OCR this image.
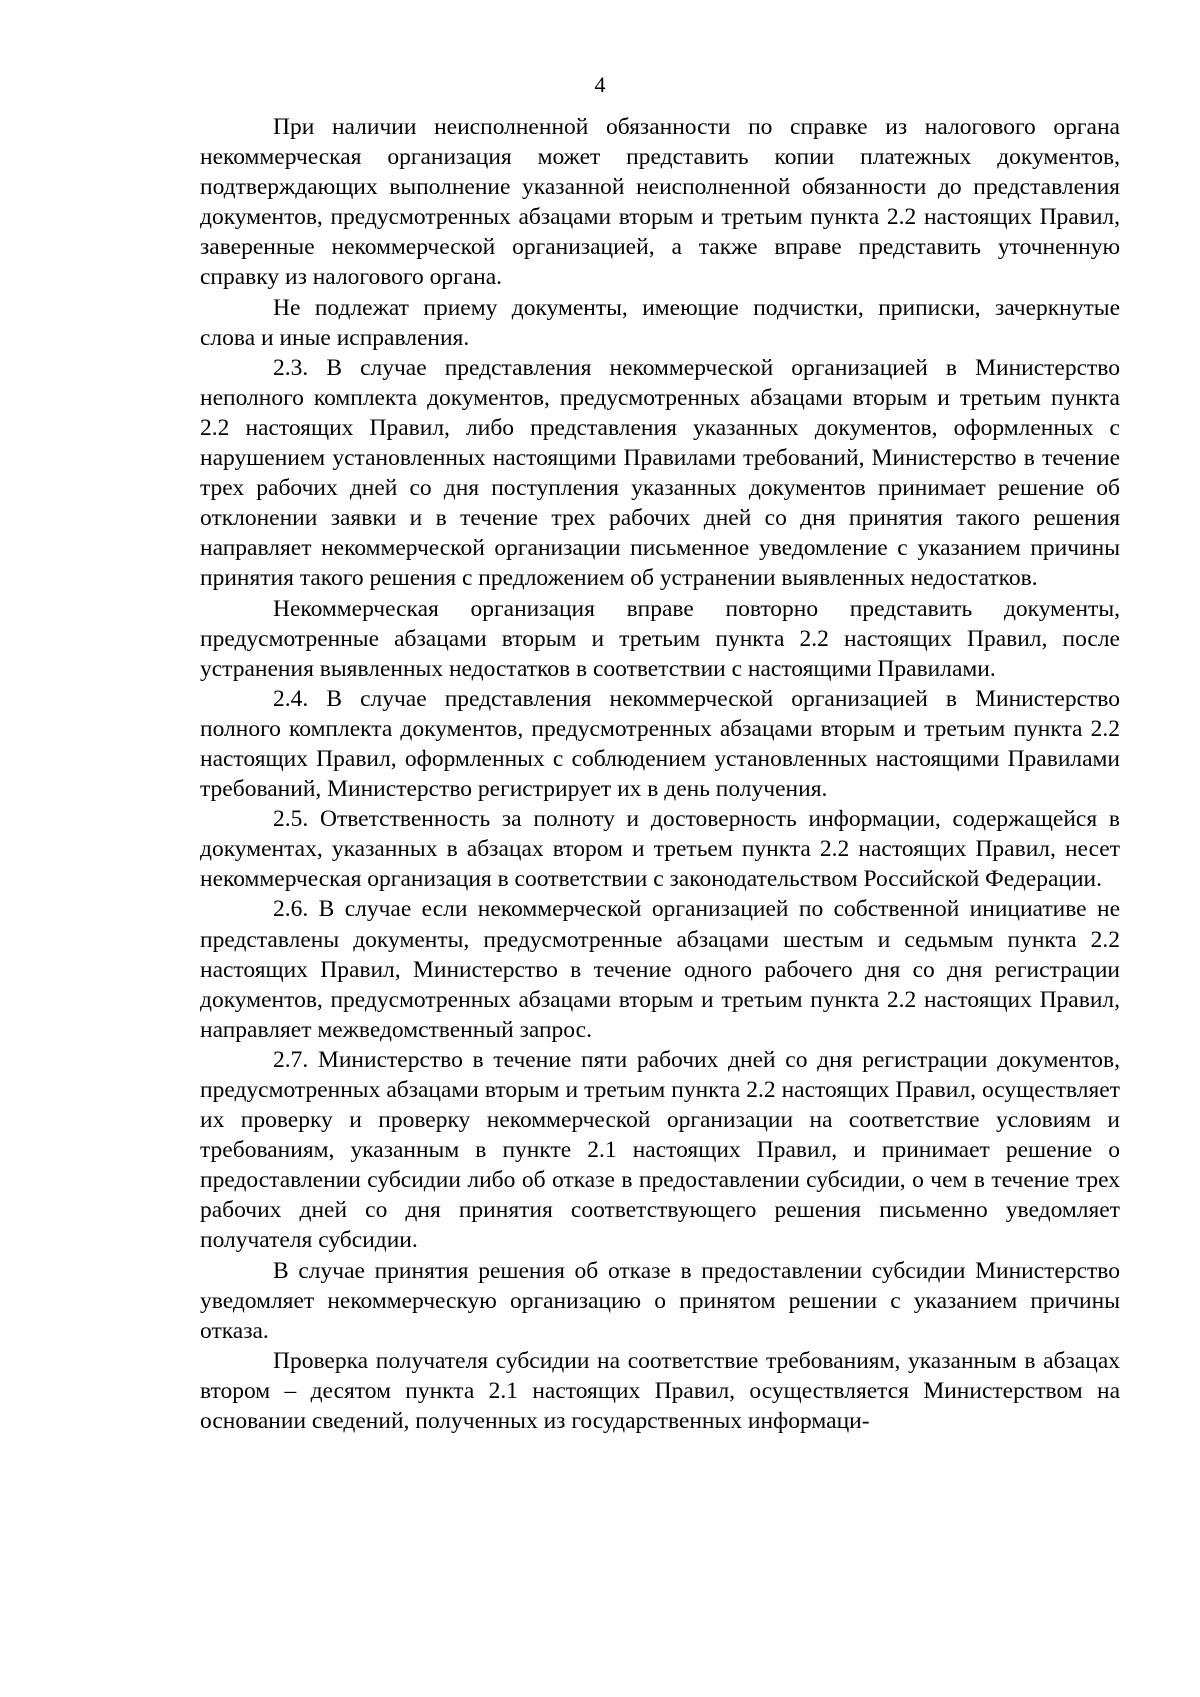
4

При наличии неисполненной обязанности по справке из налогового органа некоммерческая организация может представить копии платежных документов, подтверждающих выполнение указанной неисполненной обязанности до представления документов, предусмотренных абзацами вторым и третьим пункта 2.2 настоящих Правил, заверенные некоммерческой организацией, а также вправе представить уточненную справку из налогового органа.

Не подлежат приему документы, имеющие подчистки, приписки, зачеркнутые слова и иные исправления.

2.3. В случае представления некоммерческой организацией в Министерство неполного комплекта документов, предусмотренных абзацами вторым и третьим пункта 2.2 настоящих Правил, либо представления указанных документов, оформленных с нарушением установленных настоящими Правилами требований, Министерство в течение трех рабочих дней со дня поступления указанных документов принимает решение об отклонении заявки и в течение трех рабочих дней со дня принятия такого решения направляет некоммерческой организации письменное уведомление с указанием причины принятия такого решения с предложением об устранении выявленных недостатков.

Некоммерческая организация вправе повторно представить документы, предусмотренные абзацами вторым и третьим пункта 2.2 настоящих Правил, после устранения выявленных недостатков в соответствии с настоящими Правилами.

2.4. В случае представления некоммерческой организацией в Министерство полного комплекта документов, предусмотренных абзацами вторым и третьим пункта 2.2 настоящих Правил, оформленных с соблюдением установленных настоящими Правилами требований, Министерство регистрирует их в день получения.

2.5. Ответственность за полноту и достоверность информации, содержащейся в документах, указанных в абзацах втором и третьем пункта 2.2 настоящих Правил, несет некоммерческая организация в соответствии с законодательством Российской Федерации.

2.6. В случае если некоммерческой организацией по собственной инициативе не представлены документы, предусмотренные абзацами шестым и седьмым пункта 2.2 настоящих Правил, Министерство в течение одного рабочего дня со дня регистрации документов, предусмотренных абзацами вторым и третьим пункта 2.2 настоящих Правил, направляет межведомственный запрос.

2.7. Министерство в течение пяти рабочих дней со дня регистрации документов, предусмотренных абзацами вторым и третьим пункта 2.2 настоящих Правил, осуществляет их проверку и проверку некоммерческой организации на соответствие условиям и требованиям, указанным в пункте 2.1 настоящих Правил, и принимает решение о предоставлении субсидии либо об отказе в предоставлении субсидии, о чем в течение трех рабочих дней со дня принятия соответствующего решения письменно уведомляет получателя субсидии.

В случае принятия решения об отказе в предоставлении субсидии Министерство уведомляет некоммерческую организацию о принятом решении с указанием причины отказа.

Проверка получателя субсидии на соответствие требованиям, указанным в абзацах втором – десятом пункта 2.1 настоящих Правил, осуществляется Министерством на основании сведений, полученных из государственных информаци-
